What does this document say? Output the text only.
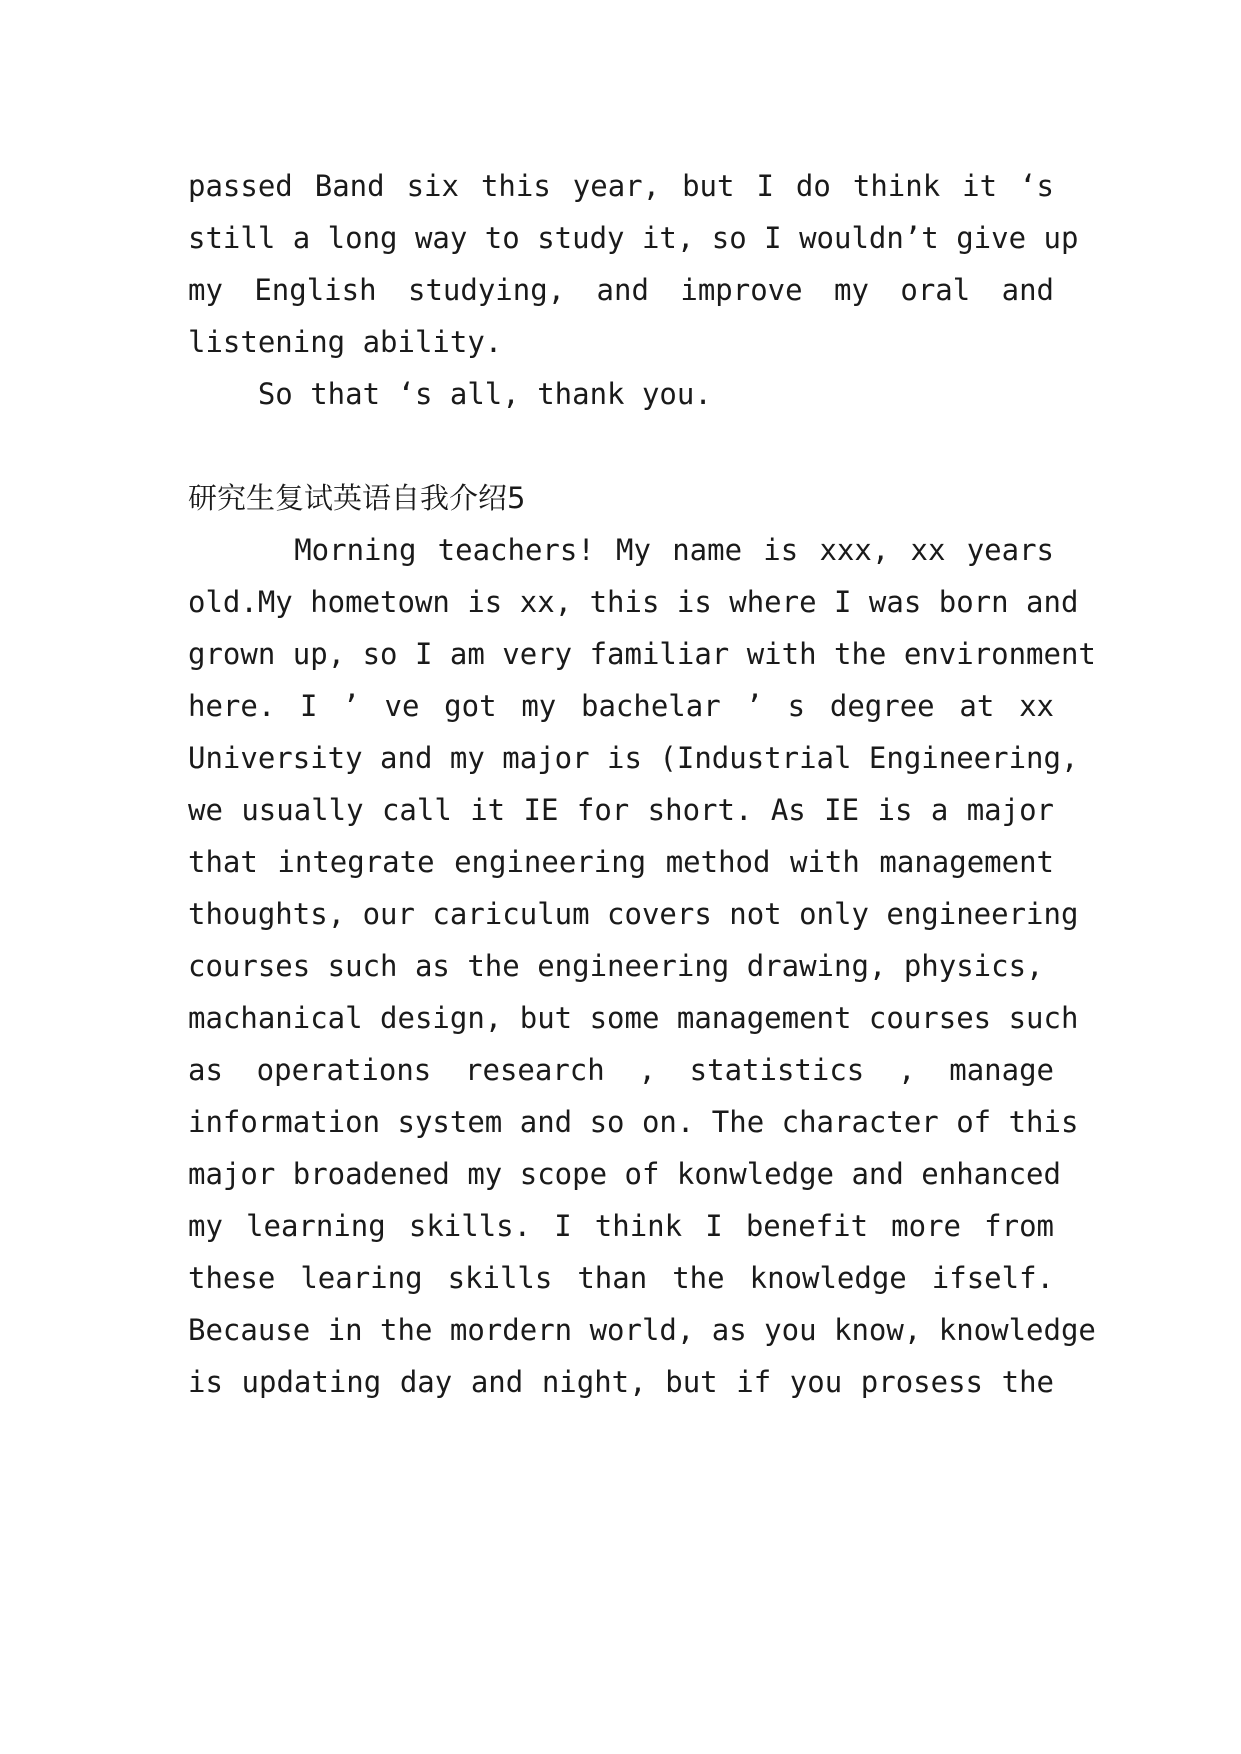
passed Band six this year, but I do think it ‘s
still a long way to study it, so I wouldn’t give up
my English studying, and improve my oral and
listening ability.
So that ‘s all, thank you.
研究生复试英语自我介绍5
Morning teachers! My name is xxx, xx years
old.My hometown is xx, this is where I was born and
grown up, so I am very familiar with the environment
here. I ’ ve got my bachelar ’ s degree at xx
University and my major is (Industrial Engineering,
we usually call it IE for short. As IE is a major
that integrate engineering method with management
thoughts, our cariculum covers not only engineering
courses such as the engineering drawing, physics,
machanical design, but some management courses such
as operations research , statistics , manage
information system and so on. The character of this
major broadened my scope of konwledge and enhanced
my learning skills. I think I benefit more from
these learing skills than the knowledge ifself.
Because in the mordern world, as you know, knowledge
is updating day and night, but if you prosess the
